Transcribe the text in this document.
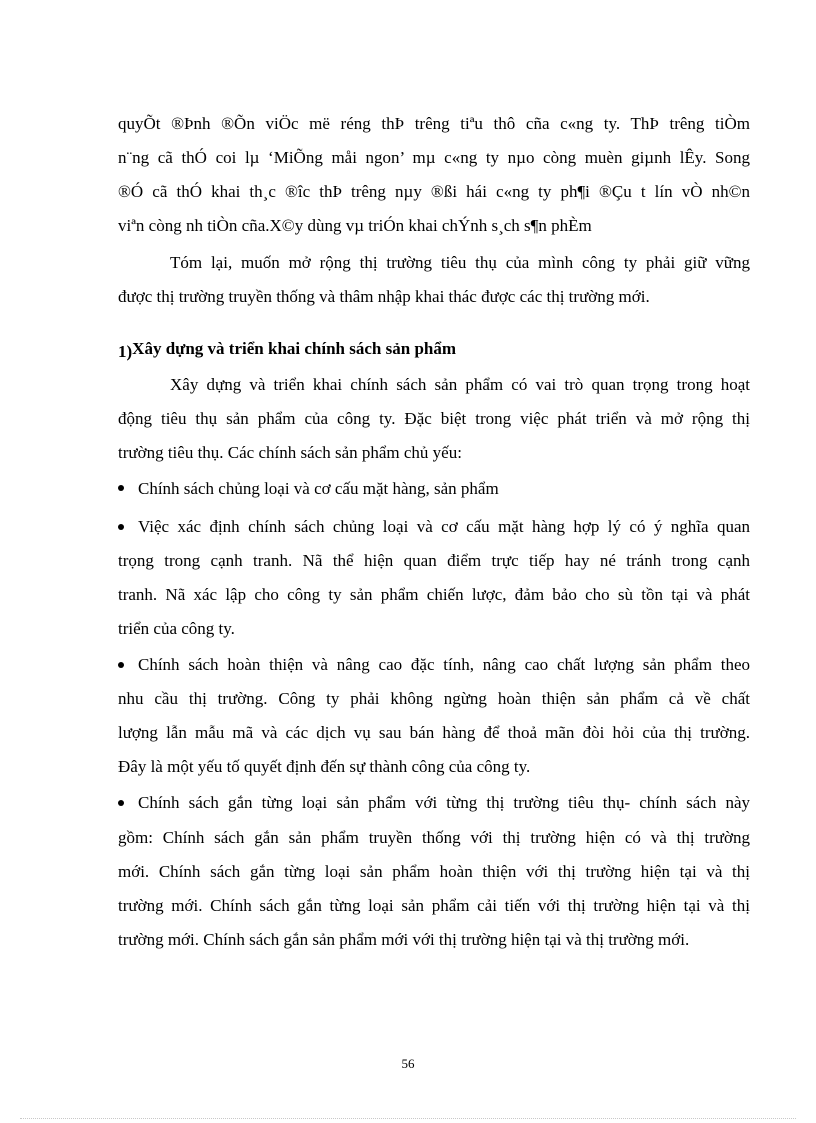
quyÕt ®Þnh ®Õn viÖc më réng thÞ trêng tiªu thô cña c«ng ty. ThÞ trêng tiÒm
n¨ng cã thÓ coi lµ ‘MiÕng måi ngon’ mµ c«ng ty nµo còng muèn giµnh lÊy. Song
®Ó cã thÓ khai th¸c ®îc thÞ trêng nµy ®ßi hái c«ng ty ph¶i ®Çu t lín vÒ nh©n
viªn còng nh tiÒn cña.X©y dùng vµ triÓn khai chÝnh s¸ch s¶n phÈm
Tóm lại, muốn mở rộng thị trường tiêu thụ của mình công ty phải giữ vững
được thị trường truyền thống và thâm nhập khai thác được các thị trường mới.
1)Xây dựng và triển khai chính sách sản phẩm
Xây dựng và triển khai chính sách sản phẩm có vai trò quan trọng trong hoạt
động tiêu thụ sản phẩm của công ty. Đặc biệt trong việc phát triển và mở rộng thị
trường tiêu thụ. Các chính sách sản phẩm chủ yếu:
Chính sách chủng loại và cơ cấu mặt hàng, sản phẩm
Việc xác định chính sách chủng loại và cơ cấu mặt hàng hợp lý có ý nghĩa quan
trọng trong cạnh tranh. Nã thể hiện quan điểm trực tiếp hay né tránh trong cạnh
tranh. Nã xác lập cho công ty sản phẩm chiến lược, đảm bảo cho sù tồn tại và phát
triển của công ty.
Chính sách hoàn thiện và nâng cao đặc tính, nâng cao chất lượng sản phẩm theo
nhu cầu thị trường. Công ty phải không ngừng hoàn thiện sản phẩm cả về chất
lượng lẫn mẫu mã và các dịch vụ sau bán hàng để thoả mãn đòi hỏi của thị trường.
Đây là một yếu tố quyết định đến sự thành công của công ty.
Chính sách gắn từng loại sản phẩm với từng thị trường tiêu thụ- chính sách này
gồm: Chính sách gắn sản phẩm truyền thống với thị trường hiện có và thị trường
mới. Chính sách gắn từng loại sản phẩm hoàn thiện với thị trường hiện tại và thị
trường mới. Chính sách gắn từng loại sản phẩm cải tiến với thị trường hiện tại và thị
trường mới. Chính sách gắn sản phẩm mới với thị trường hiện tại và thị trường mới.
56
